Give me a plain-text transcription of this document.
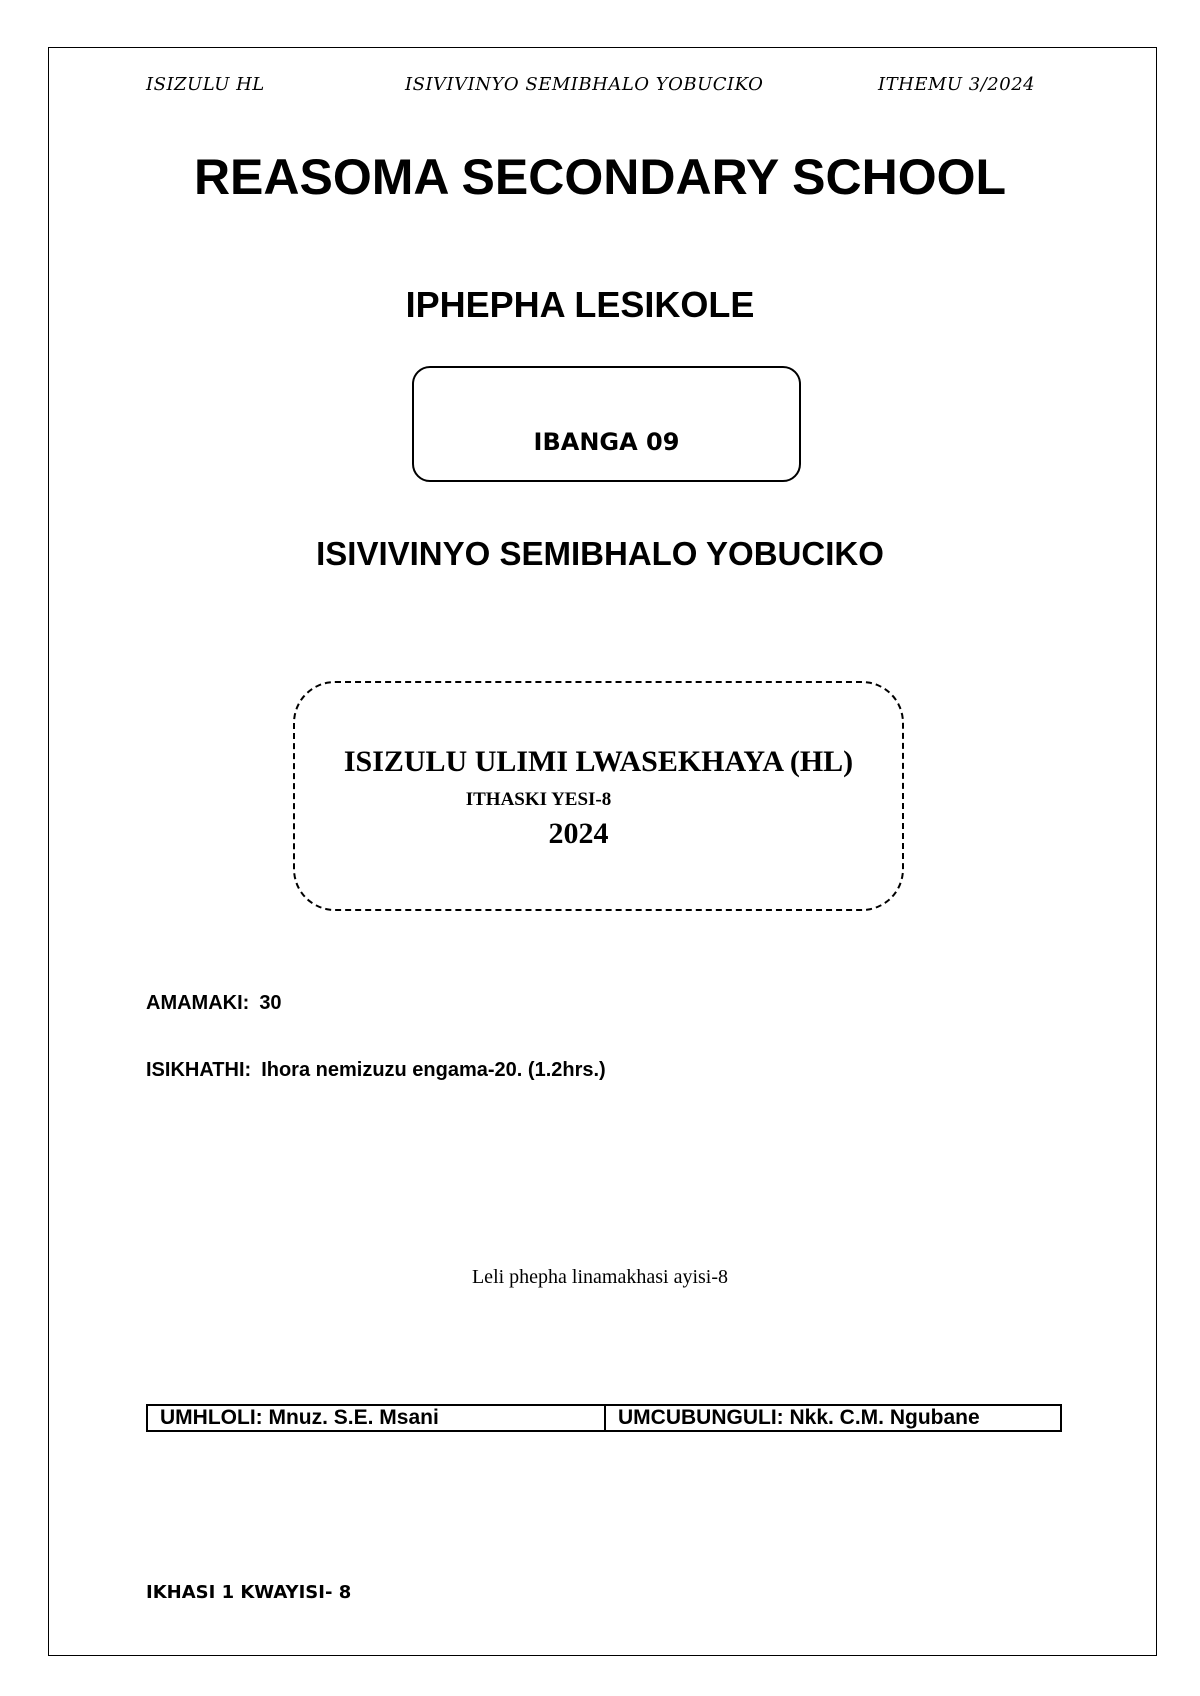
ISIZULU HL	ISIVIVINYO SEMIBHALO YOBUCIKO	ITHEMU 3/2024
REASOMA SECONDARY SCHOOL
IPHEPHA LESIKOLE
IBANGA 09
ISIVIVINYO SEMIBHALO YOBUCIKO
ISIZULU ULIMI LWASEKHAYA (HL)
ITHASKI YESI-8
2024
AMAMAKI: 30
ISIKHATHI: Ihora nemizuzu engama-20. (1.2hrs.)
Leli phepha linamakhasi ayisi-8
UMHLOLI: Mnuz. S.E. Msani	UMCUBUNGULI: Nkk. C.M. Ngubane
IKHASI 1 KWAYISI- 8
